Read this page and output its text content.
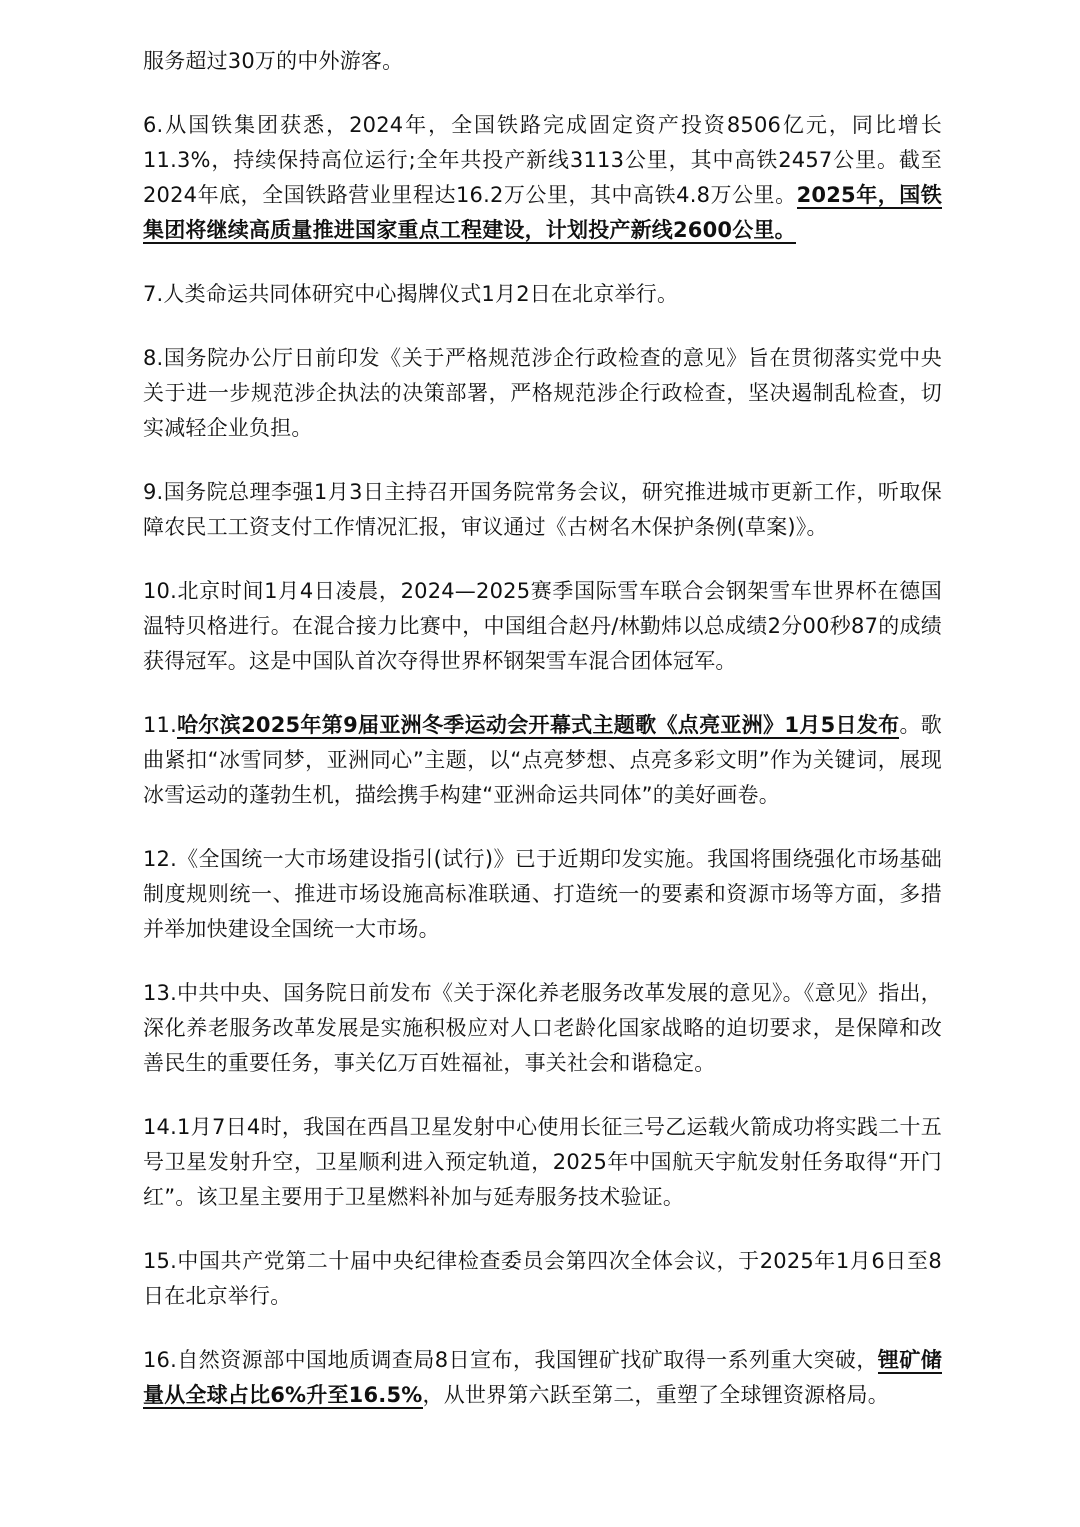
服务超过30万的中外游客。

6.从国铁集团获悉，2024年，全国铁路完成固定资产投资8506亿元，同比增长11.3%，持续保持高位运行;全年共投产新线3113公里，其中高铁2457公里。截至2024年底，全国铁路营业里程达16.2万公里，其中高铁4.8万公里。2025年，国铁集团将继续高质量推进国家重点工程建设，计划投产新线2600公里。

7.人类命运共同体研究中心揭牌仪式1月2日在北京举行。

8.国务院办公厅日前印发《关于严格规范涉企行政检查的意见》旨在贯彻落实党中央关于进一步规范涉企执法的决策部署，严格规范涉企行政检查，坚决遏制乱检查，切实减轻企业负担。

9.国务院总理李强1月3日主持召开国务院常务会议，研究推进城市更新工作，听取保障农民工工资支付工作情况汇报，审议通过《古树名木保护条例(草案)》。

10.北京时间1月4日凌晨，2024—2025赛季国际雪车联合会钢架雪车世界杯在德国温特贝格进行。在混合接力比赛中，中国组合赵丹/林勤炜以总成绩2分00秒87的成绩获得冠军。这是中国队首次夺得世界杯钢架雪车混合团体冠军。

11.哈尔滨2025年第9届亚洲冬季运动会开幕式主题歌《点亮亚洲》1月5日发布。歌曲紧扣“冰雪同梦，亚洲同心”主题，以“点亮梦想、点亮多彩文明”作为关键词，展现冰雪运动的蓬勃生机，描绘携手构建“亚洲命运共同体”的美好画卷。

12.《全国统一大市场建设指引(试行)》已于近期印发实施。我国将围绕强化市场基础制度规则统一、推进市场设施高标准联通、打造统一的要素和资源市场等方面，多措并举加快建设全国统一大市场。

13.中共中央、国务院日前发布《关于深化养老服务改革发展的意见》。《意见》指出，深化养老服务改革发展是实施积极应对人口老龄化国家战略的迫切要求，是保障和改善民生的重要任务，事关亿万百姓福祉，事关社会和谐稳定。

14.1月7日4时，我国在西昌卫星发射中心使用长征三号乙运载火箭成功将实践二十五号卫星发射升空，卫星顺利进入预定轨道，2025年中国航天宇航发射任务取得“开门红”。该卫星主要用于卫星燃料补加与延寿服务技术验证。

15.中国共产党第二十届中央纪律检查委员会第四次全体会议，于2025年1月6日至8日在北京举行。

16.自然资源部中国地质调查局8日宣布，我国锂矿找矿取得一系列重大突破，锂矿储量从全球占比6%升至16.5%，从世界第六跃至第二，重塑了全球锂资源格局。
